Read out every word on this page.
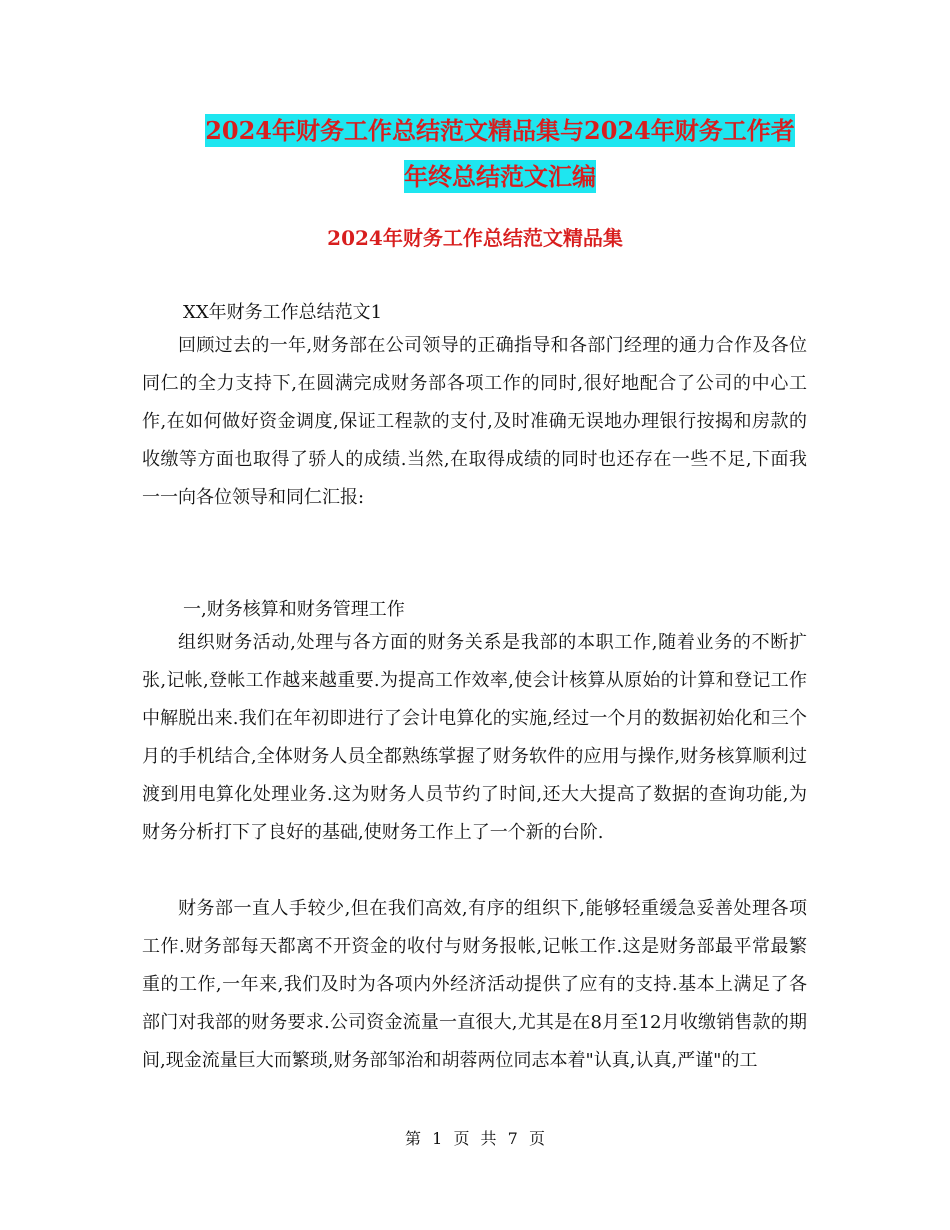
2024年财务工作总结范文精品集与2024年财务工作者
年终总结范文汇编
2024年财务工作总结范文精品集
XX年财务工作总结范文1
回顾过去的一年,财务部在公司领导的正确指导和各部门经理的通力合作及各位同仁的全力支持下,在圆满完成财务部各项工作的同时,很好地配合了公司的中心工作,在如何做好资金调度,保证工程款的支付,及时准确无误地办理银行按揭和房款的收缴等方面也取得了骄人的成绩.当然,在取得成绩的同时也还存在一些不足,下面我一一向各位领导和同仁汇报:
一,财务核算和财务管理工作
组织财务活动,处理与各方面的财务关系是我部的本职工作,随着业务的不断扩张,记帐,登帐工作越来越重要.为提高工作效率,使会计核算从原始的计算和登记工作中解脱出来.我们在年初即进行了会计电算化的实施,经过一个月的数据初始化和三个月的手机结合,全体财务人员全都熟练掌握了财务软件的应用与操作,财务核算顺利过渡到用电算化处理业务.这为财务人员节约了时间,还大大提高了数据的查询功能,为财务分析打下了良好的基础,使财务工作上了一个新的台阶.
财务部一直人手较少,但在我们高效,有序的组织下,能够轻重缓急妥善处理各项工作.财务部每天都离不开资金的收付与财务报帐,记帐工作.这是财务部最平常最繁重的工作,一年来,我们及时为各项内外经济活动提供了应有的支持.基本上满足了各部门对我部的财务要求.公司资金流量一直很大,尤其是在8月至12月收缴销售款的期间,现金流量巨大而繁琐,财务部邹治和胡蓉两位同志本着"认真,认真,严谨"的工
第 1 页 共 7 页
